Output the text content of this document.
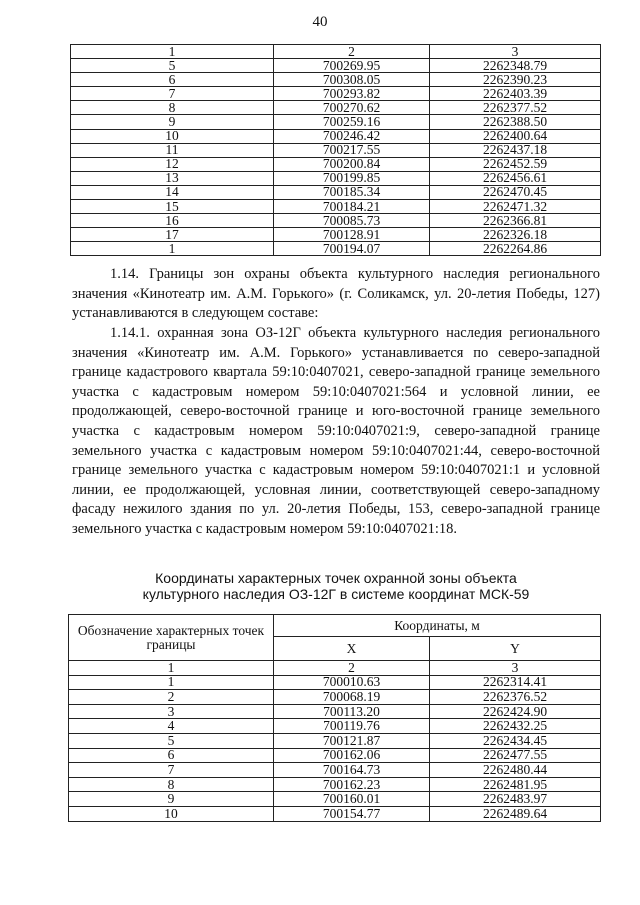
40
1	2	3
5	700269.95	2262348.79
6	700308.05	2262390.23
7	700293.82	2262403.39
8	700270.62	2262377.52
9	700259.16	2262388.50
10	700246.42	2262400.64
11	700217.55	2262437.18
12	700200.84	2262452.59
13	700199.85	2262456.61
14	700185.34	2262470.45
15	700184.21	2262471.32
16	700085.73	2262366.81
17	700128.91	2262326.18
1	700194.07	2262264.86

1.14. Границы зон охраны объекта культурного наследия регионального значения «Кинотеатр им. А.М. Горького» (г. Соликамск, ул. 20-летия Победы, 127) устанавливаются в следующем составе:

1.14.1. охранная зона ОЗ-12Г объекта культурного наследия регионального значения «Кинотеатр им. А.М. Горького» устанавливается по северо-западной границе кадастрового квартала 59:10:0407021, северо-западной границе земельного участка с кадастровым номером 59:10:0407021:564 и условной линии, ее продолжающей, северо-восточной границе и юго-восточной границе земельного участка с кадастровым номером 59:10:0407021:9, северо-западной границе земельного участка с кадастровым номером 59:10:0407021:44, северо-восточной границе земельного участка с кадастровым номером 59:10:0407021:1 и условной линии, ее продолжающей, условная линии, соответствующей северо-западному фасаду нежилого здания по ул. 20-летия Победы, 153, северо-западной границе земельного участка с кадастровым номером 59:10:0407021:18.

Координаты характерных точек охранной зоны объекта
культурного наследия ОЗ-12Г в системе координат МСК-59
Обозначение характерных точек границы	Координаты, м	
	X	Y
1	2	3
1	700010.63	2262314.41
2	700068.19	2262376.52
3	700113.20	2262424.90
4	700119.76	2262432.25
5	700121.87	2262434.45
6	700162.06	2262477.55
7	700164.73	2262480.44
8	700162.23	2262481.95
9	700160.01	2262483.97
10	700154.77	2262489.64
